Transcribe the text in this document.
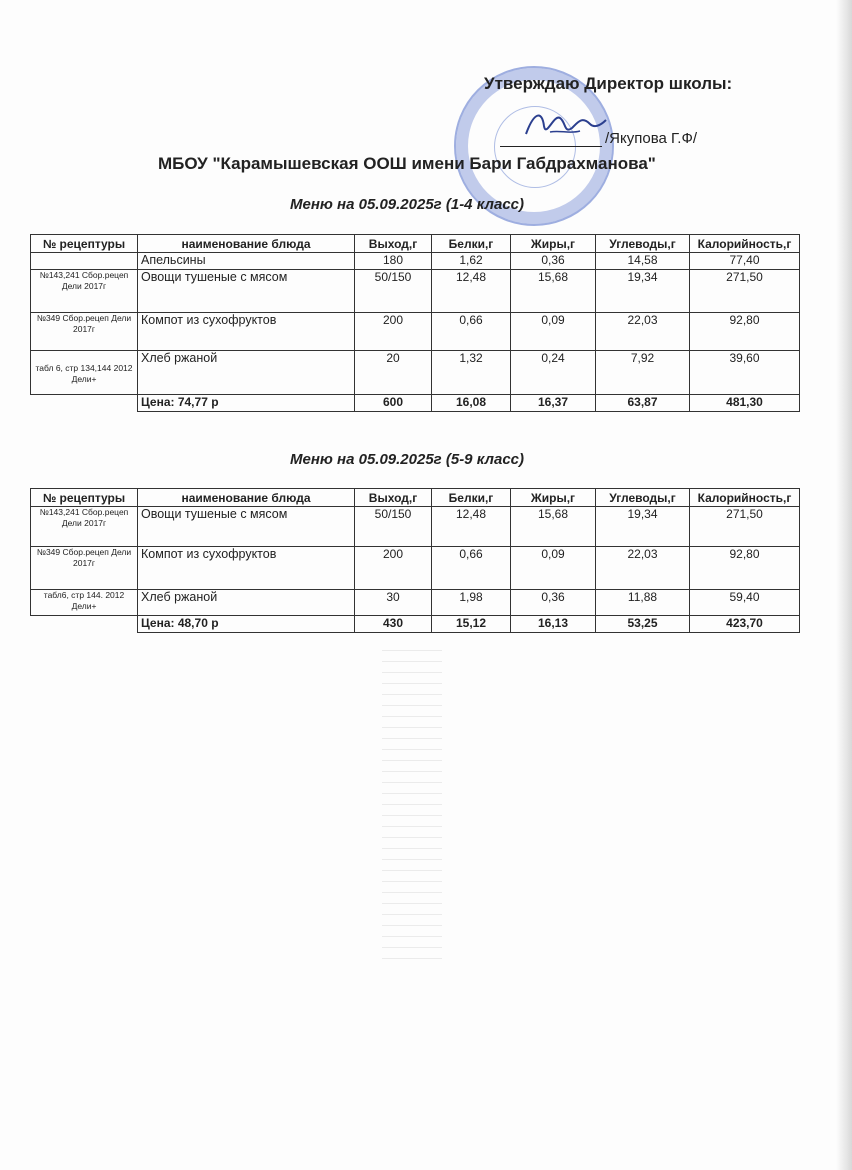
Утверждаю Директор школы:
/Якупова Г.Ф/
МБОУ "Карамышевская ООШ имени Бари Габдрахманова"
Меню на 05.09.2025г (1-4 класс)
№ рецептуры	наименование блюда	Выход,г	Белки,г	Жиры,г	Углеводы,г	Калорийность,г
	Апельсины	180	1,62	0,36	14,58	77,40
№143,241 Сбор.рецеп Дели 2017г	Овощи тушеные с мясом	50/150	12,48	15,68	19,34	271,50
№349 Сбор.рецеп Дели 2017г	Компот из сухофруктов	200	0,66	0,09	22,03	92,80
табл 6, стр 134,144 2012 Дели+	Хлеб ржаной	20	1,32	0,24	7,92	39,60
	Цена: 74,77 р	600	16,08	16,37	63,87	481,30
Меню на 05.09.2025г (5-9 класс)
№ рецептуры	наименование блюда	Выход,г	Белки,г	Жиры,г	Углеводы,г	Калорийность,г
№143,241 Сбор.рецеп Дели 2017г	Овощи тушеные с мясом	50/150	12,48	15,68	19,34	271,50
№349 Сбор.рецеп Дели 2017г	Компот из сухофруктов	200	0,66	0,09	22,03	92,80
табл6, стр 144. 2012 Дели+	Хлеб ржаной	30	1,98	0,36	11,88	59,40
	Цена: 48,70 р	430	15,12	16,13	53,25	423,70
